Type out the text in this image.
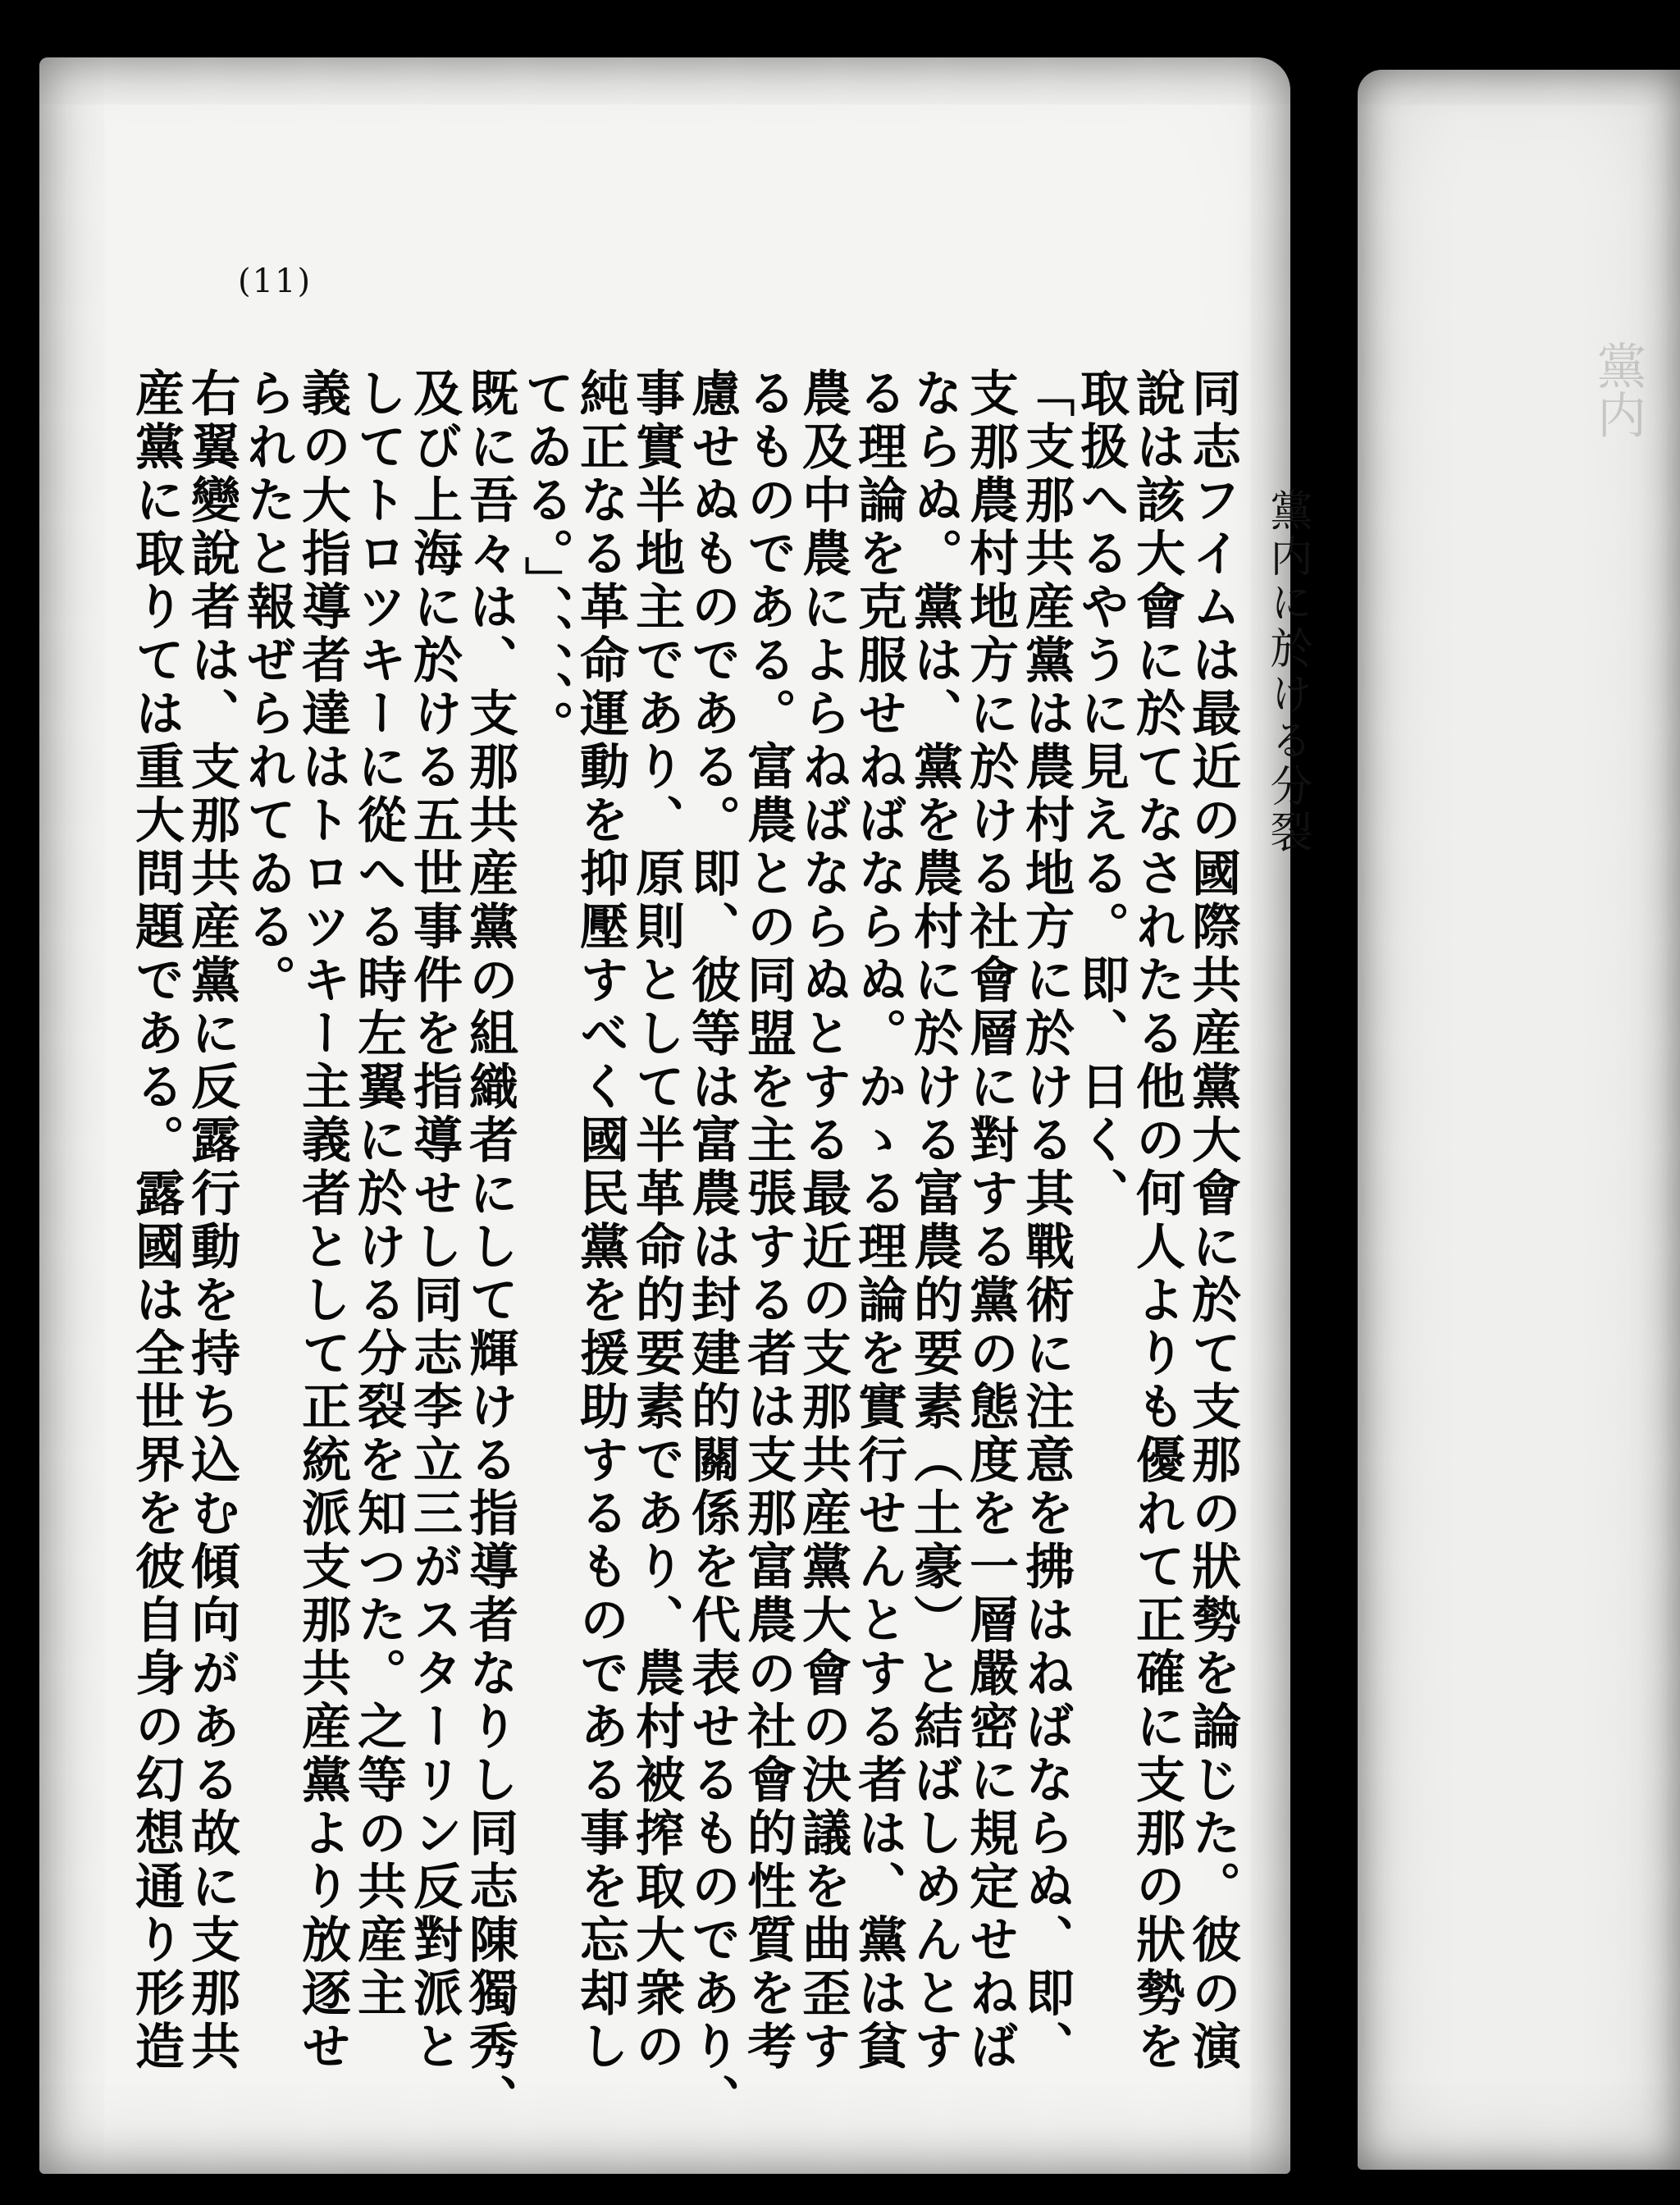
黨内
(11)
黨内に於ける分裂
同志フイムは最近の國際共産黨大會に於て支那の狀勢を論じた。彼の演
說は該大會に於てなされたる他の何人よりも優れて正確に支那の狀勢を
取扱へるやうに見える。即、日く、
「支那共産黨は農村地方に於ける其戰術に注意を拂はねばならぬ、即、
支那農村地方に於ける社會層に對する黨の態度を一層嚴密に規定せねば
ならぬ。黨は、黨を農村に於ける富農的要素（土豪）と結ばしめんとす
る理論を克服せねばならぬ。かゝる理論を實行せんとする者は、黨は貧
農及中農によらねばならぬとする最近の支那共産黨大會の決議を曲歪す
るものである。富農との同盟を主張する者は支那富農の社會的性質を考
慮せぬものである。即、彼等は富農は封建的關係を代表せるものであり、
事實半地主であり、原則として半革命的要素であり、農村被搾取大衆の
純正なる革命運動を抑壓すべく國民黨を援助するものである事を忘却し
てゐる。」、、、、。
既に吾々は、支那共産黨の組織者にして輝ける指導者なりし同志陳獨秀、
及び上海に於ける五世事件を指導せし同志李立三がスターリン反對派と
してトロツキーに從へる時左翼に於ける分裂を知つた。之等の共産主
義の大指導者達はトロツキー主義者として正統派支那共産黨より放逐せ
られたと報ぜられてゐる。
右翼變說者は、支那共産黨に反露行動を持ち込む傾向がある故に支那共
産黨に取りては重大問題である。露國は全世界を彼自身の幻想通り形造
